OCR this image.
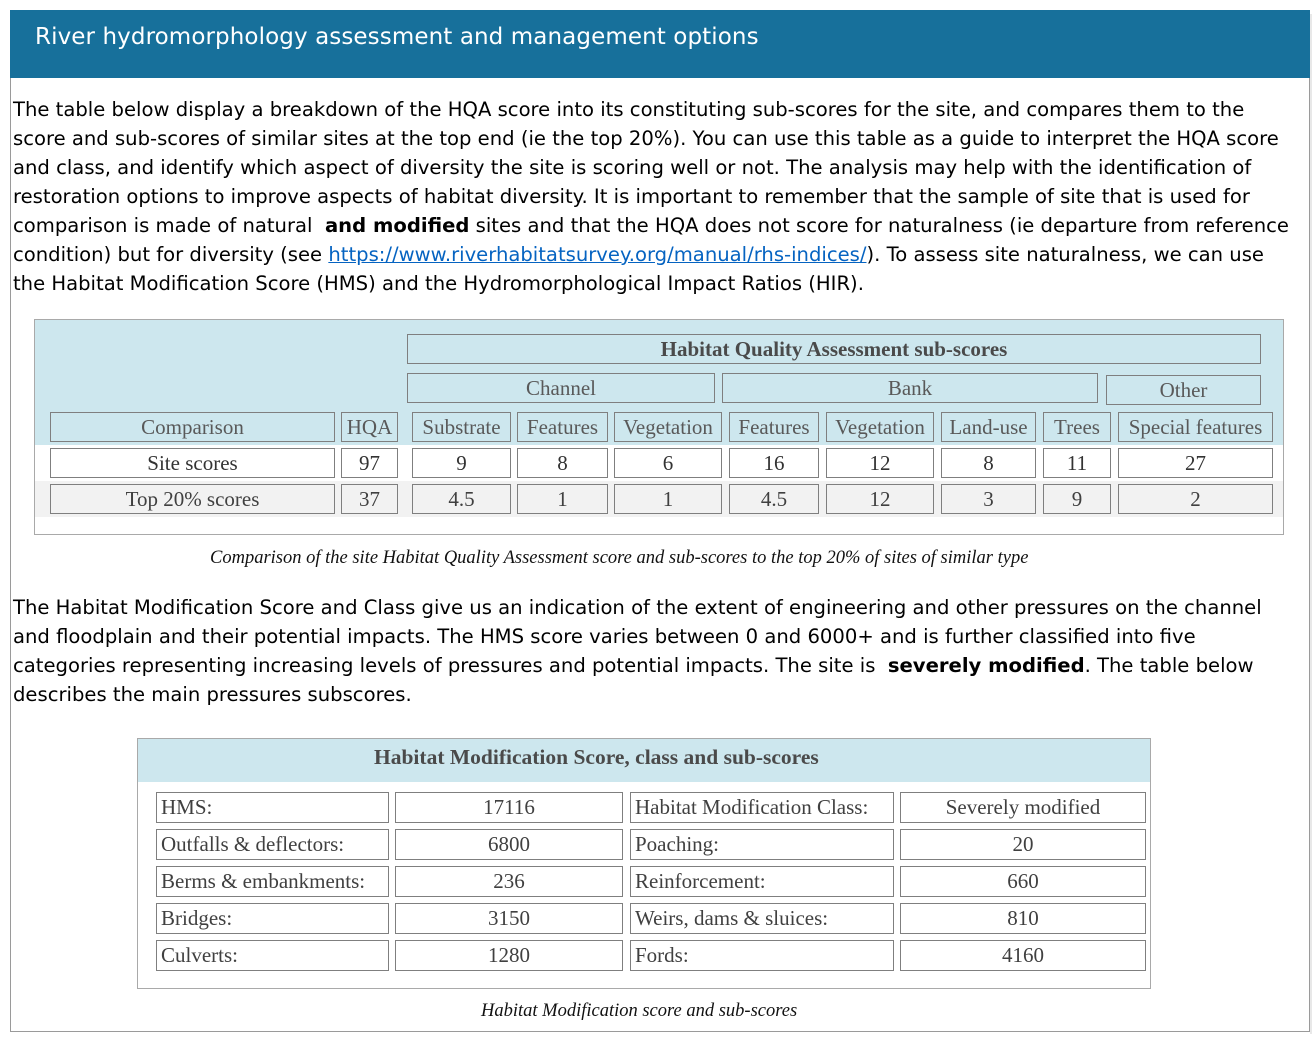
River hydromorphology assessment and management options

The table below display a breakdown of the HQA score into its constituting sub-scores for the site, and compares them to the

score and sub-scores of similar sites at the top end (ie the top 20%). You can use this table as a guide to interpret the HQA score

and class, and identify which aspect of diversity the site is scoring well or not. The analysis may help with the identification of

restoration options to improve aspects of habitat diversity. It is important to remember that the sample of site that is used for

comparison is made of natural  and modified sites and that the HQA does not score for naturalness (ie departure from reference

condition) but for diversity (see https://www.riverhabitatsurvey.org/manual/rhs-indices/). To assess site naturalness, we can use

the Habitat Modification Score (HMS) and the Hydromorphological Impact Ratios (HIR).

Habitat Quality Assessment sub-scores
Channel	Bank	Other
Comparison	HQA	Substrate	Features	Vegetation	Features	Vegetation	Land-use	Trees	Special features
Site scores	97	9	8	6	16	12	8	11	27
Top 20% scores	37	4.5	1	1	4.5	12	3	9	2
Comparison of the site Habitat Quality Assessment score and sub-scores to the top 20% of sites of similar type

The Habitat Modification Score and Class give us an indication of the extent of engineering and other pressures on the channel

and floodplain and their potential impacts. The HMS score varies between 0 and 6000+ and is further classified into five

categories representing increasing levels of pressures and potential impacts. The site is  severely modified. The table below

describes the main pressures subscores.

Habitat Modification Score, class and sub-scores
HMS:	17116	Habitat Modification Class:	Severely modified
Outfalls & deflectors:	6800	Poaching:	20
Berms & embankments:	236	Reinforcement:	660
Bridges:	3150	Weirs, dams & sluices:	810
Culverts:	1280	Fords:	4160
Habitat Modification score and sub-scores
